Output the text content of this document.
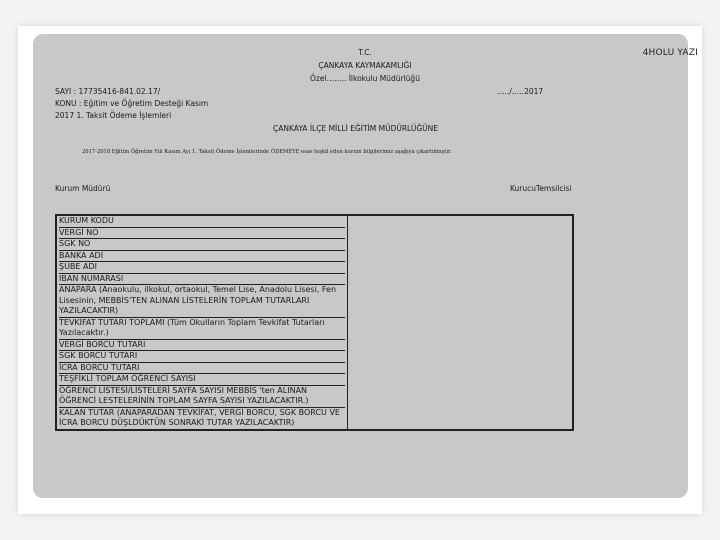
4HOLU YAZI
T.C.
ÇANKAYA KAYMAKAMLIĞI
Özel…….. İlkokulu Müdürlüğü
SAYI : 17735416-841.02.17/
KONU : Eğitim ve Öğretim Desteği Kasım
2017 1. Taksit Ödeme İşlemleri
…../…..2017
ÇANKAYA İLÇE MİLLİ EĞİTİM MÜDÜRLÜĞÜNE
2017-2018 Eğitim Öğretim Yılı Kasım Ayı 1. Taksit Ödeme İşlemlerinde ÖDEMEYE esas teşkil eden kurum bilgilerimiz aşağıya çıkartılmıştır.
Kurum Müdürü	KurucuTemsilcisi
KURUM KODU
VERGİ NO
SGK NO
BANKA ADI
ŞUBE ADI
IBAN NUMARASI
ANAPARA (Anaokulu, ilkokul, ortaokul, Temel Lise, Anadolu Lisesi, Fen Lisesinin, MEBBİS'TEN ALINAN LİSTELERİN TOPLAM TUTARLARI YAZILACAKTIR)
TEVKİFAT TUTARI TOPLAMI (Tüm Okulların Toplam Tevkifat Tutarları Yazılacaktır.)
VERGİ BORCU TUTARI
SGK BORCU TUTARI
İCRA BORCU TUTARI
TEŞFİKLİ TOPLAM ÖĞRENCİ SAYISI
ÖĞRENCİ LİSTESİ/LİSTELERİ SAYFA SAYISI MEBBİS 'ten ALINAN ÖĞRENCİ LESTELERİNİN TOPLAM SAYFA SAYISI YAZILACAKTIR.)
KALAN TUTAR (ANAPARADAN TEVKİFAT, VERGİ BORCU, SGK BORCU VE İCRA BORCU DÜŞLDÜKTÜN SONRAKİ TUTAR YAZILACAKTIR)
